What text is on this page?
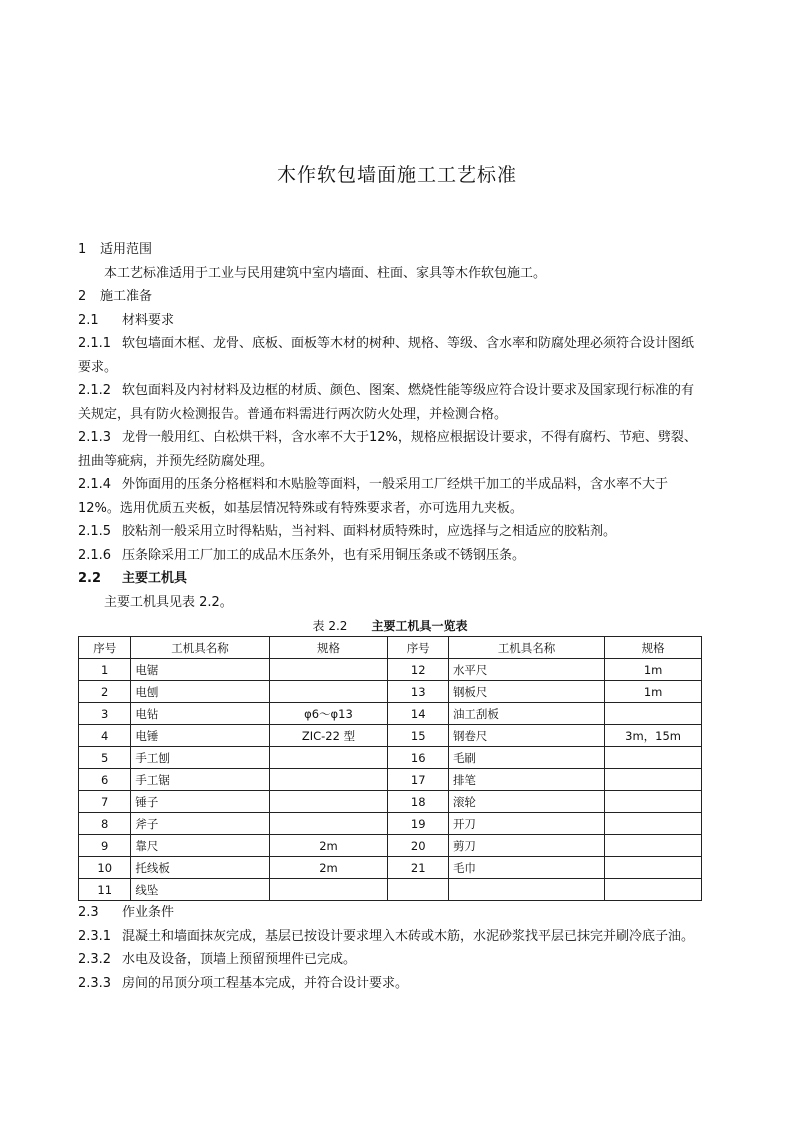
木作软包墙面施工工艺标准
1 适用范围
本工艺标准适用于工业与民用建筑中室内墙面、柱面、家具等木作软包施工。
2 施工准备
2.1 材料要求
2.1.1 软包墙面木框、龙骨、底板、面板等木材的树种、规格、等级、含水率和防腐处理必须符合设计图纸要求。
2.1.2 软包面料及内衬材料及边框的材质、颜色、图案、燃烧性能等级应符合设计要求及国家现行标准的有关规定，具有防火检测报告。普通布料需进行两次防火处理，并检测合格。
2.1.3 龙骨一般用红、白松烘干料，含水率不大于12%，规格应根据设计要求，不得有腐朽、节疤、劈裂、扭曲等疵病，并预先经防腐处理。
2.1.4 外饰面用的压条分格框料和木贴脸等面料，一般采用工厂经烘干加工的半成品料，含水率不大于12%。选用优质五夹板，如基层情况特殊或有特殊要求者，亦可选用九夹板。
2.1.5 胶粘剂一般采用立时得粘贴，当衬料、面料材质特殊时，应选择与之相适应的胶粘剂。
2.1.6 压条除采用工厂加工的成品木压条外，也有采用铜压条或不锈钢压条。
2.2 主要工机具
主要工机具见表 2.2。
表 2.2 主要工机具一览表
序号	工机具名称	规格	序号	工机具名称	规格
1	电锯		12	水平尺	1m
2	电刨		13	钢板尺	1m
3	电钻	φ6～φ13	14	油工刮板	
4	电锤	ZIC-22 型	15	钢卷尺	3m，15m
5	手工刨		16	毛刷	
6	手工锯		17	排笔	
7	锤子		18	滚轮	
8	斧子		19	开刀	
9	靠尺	2m	20	剪刀	
10	托线板	2m	21	毛巾	
11	线坠				
2.3 作业条件
2.3.1 混凝土和墙面抹灰完成，基层已按设计要求埋入木砖或木筋，水泥砂浆找平层已抹完并刷冷底子油。
2.3.2 水电及设备，顶墙上预留预埋件已完成。
2.3.3 房间的吊顶分项工程基本完成，并符合设计要求。
